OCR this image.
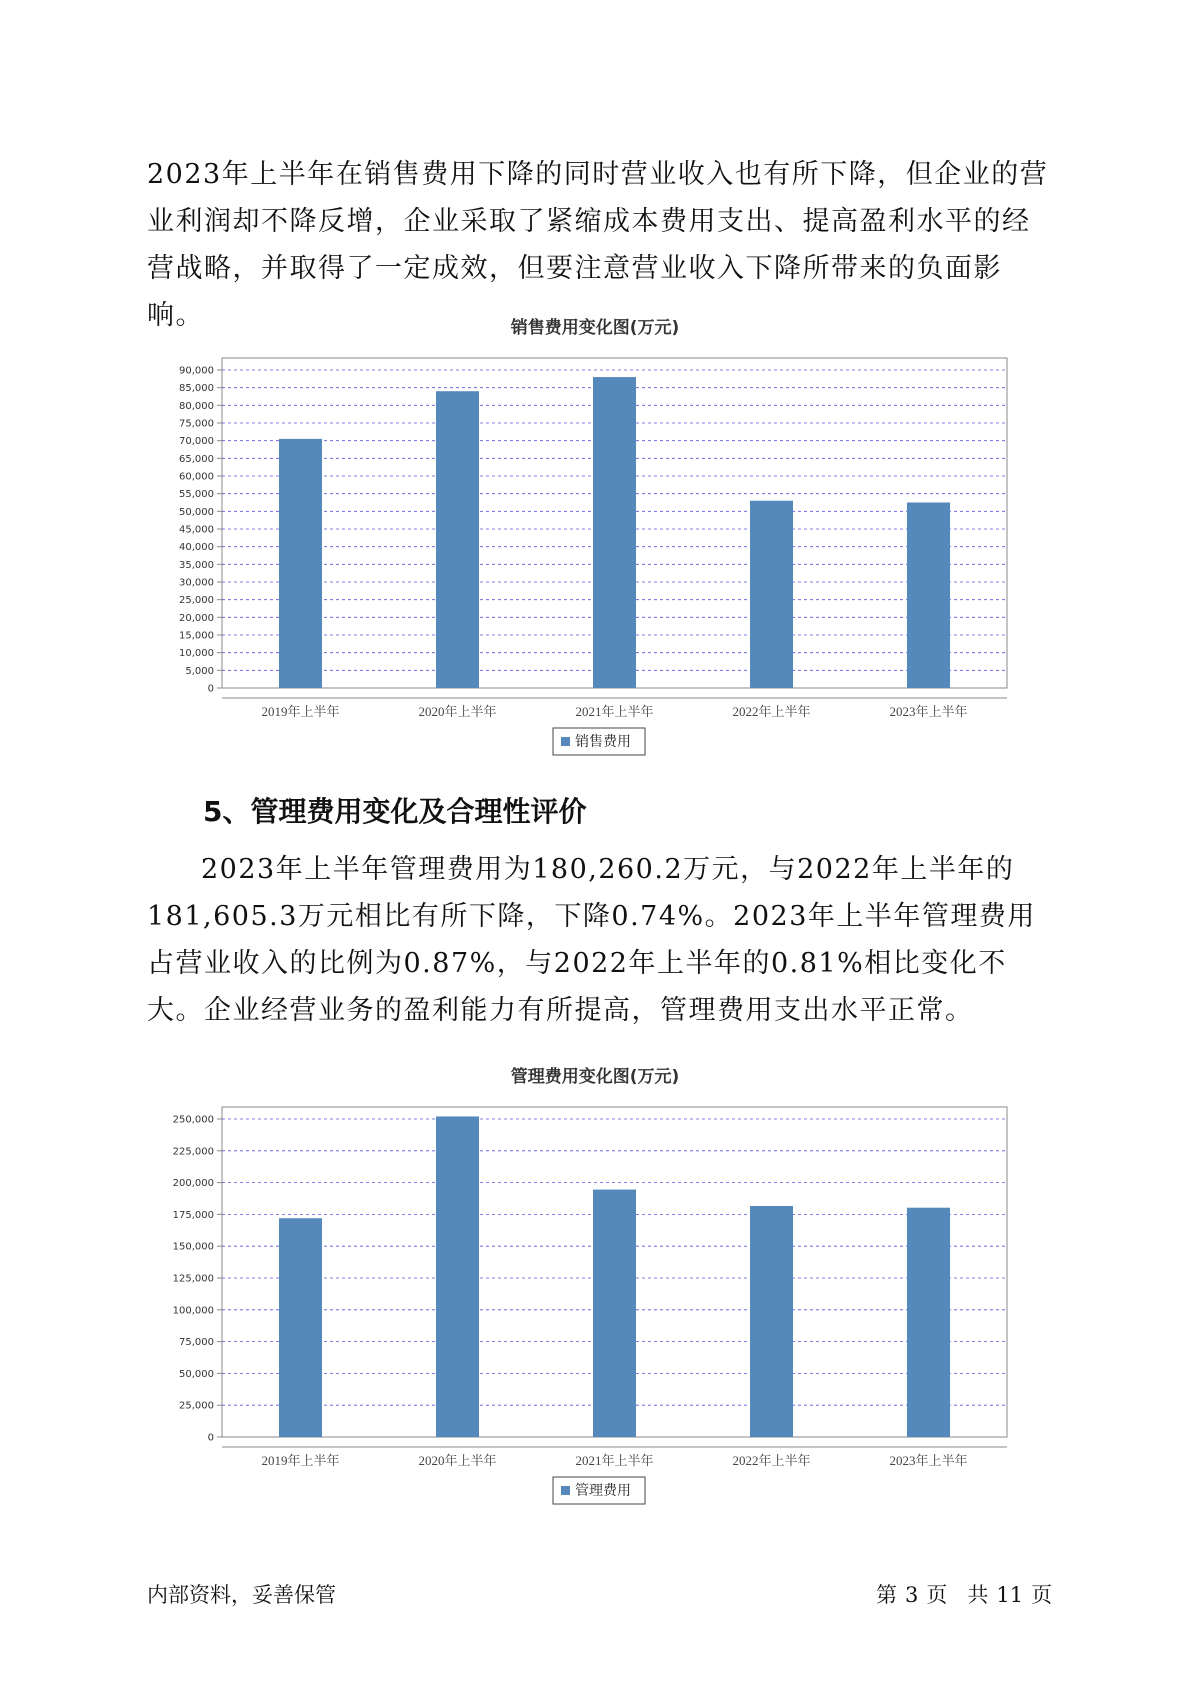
2023年上半年在销售费用下降的同时营业收入也有所下降，但企业的营业利润却不降反增，企业采取了紧缩成本费用支出、提高盈利水平的经营战略，并取得了一定成效，但要注意营业收入下降所带来的负面影响。	销售费用变化图(万元)
0
5,000
10,000
15,000
20,000
25,000
30,000
35,000
40,000
45,000
50,000
55,000
60,000
65,000
70,000
75,000
80,000
85,000
90,000
2019年上半年	2020年上半年	2021年上半年	2022年上半年	2023年上半年
销售费用
5、管理费用变化及合理性评价

2023年上半年管理费用为180,260.2万元，与2022年上半年的181,605.3万元相比有所下降，下降0.74%。2023年上半年管理费用占营业收入的比例为0.87%，与2022年上半年的0.81%相比变化不大。企业经营业务的盈利能力有所提高，管理费用支出水平正常。

管理费用变化图(万元)
0
25,000
50,000
75,000
100,000
125,000
150,000
175,000
200,000
225,000
250,000
2019年上半年	2020年上半年	2021年上半年	2022年上半年	2023年上半年
管理费用
内部资料，妥善保管	第 3 页 共 11 页
